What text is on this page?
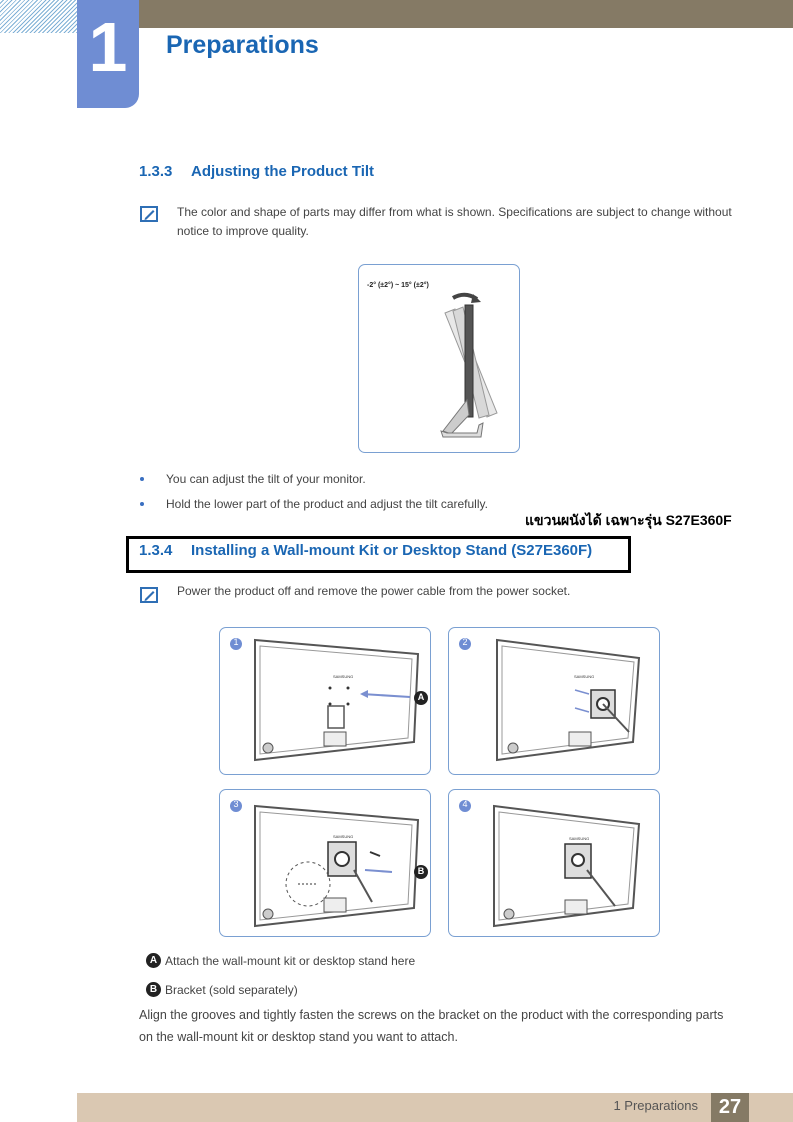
1	Preparations
1.3.3 Adjusting the Product Tilt
The color and shape of parts may differ from what is shown. Specifications are subject to change without notice to improve quality.
-2° (±2°) ~ 15° (±2°)
You can adjust the tilt of your monitor.
Hold the lower part of the product and adjust the tilt carefully.
แขวนผนังได้ เฉพาะรุ่น S27E360F
1.3.4 Installing a Wall-mount Kit or Desktop Stand (S27E360F)
Power the product off and remove the power cable from the power socket.
SAMSUNG
1
A
SAMSUNG
2
SAMSUNG
3
B
SAMSUNG
4
A Attach the wall-mount kit or desktop stand here
B Bracket (sold separately)
Align the grooves and tightly fasten the screws on the bracket on the product with the corresponding parts on the wall-mount kit or desktop stand you want to attach.
1 Preparations	27
